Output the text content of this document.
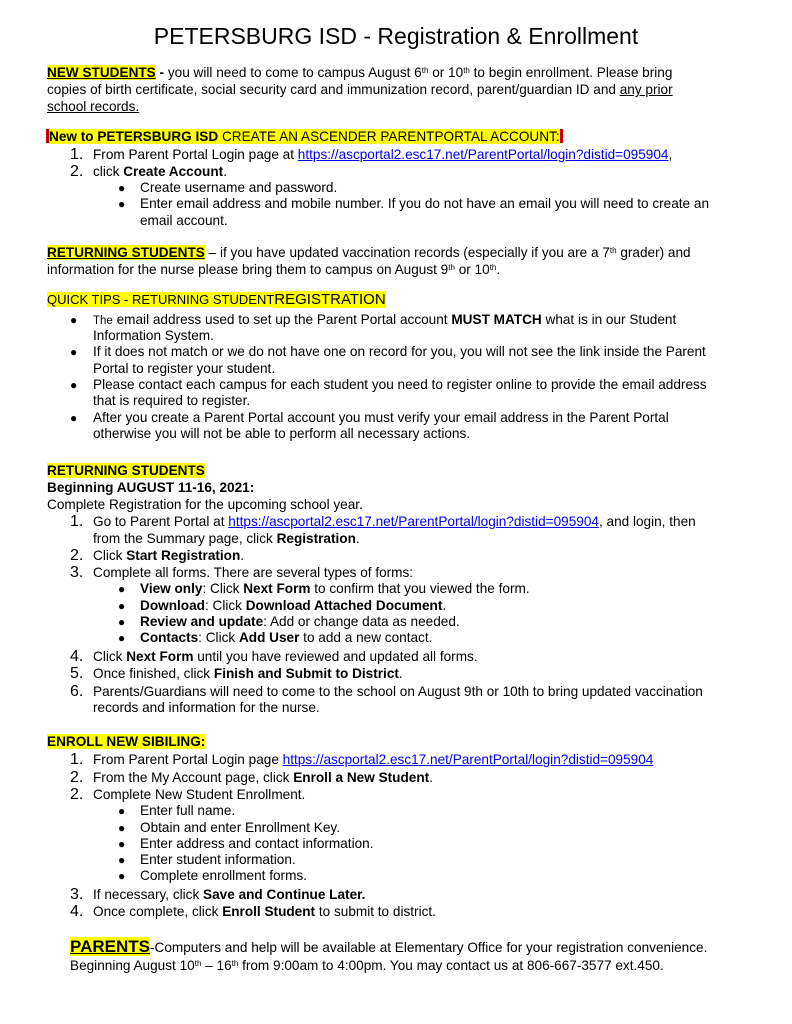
PETERSBURG ISD - Registration & Enrollment
NEW STUDENTS - you will need to come to campus August 6th or 10th to begin enrollment. Please bring
copies of birth certificate, social security card and immunization record, parent/guardian ID and any prior
school records.
New to PETERSBURG ISD CREATE AN ASCENDER PARENTPORTAL ACCOUNT:
1. From Parent Portal Login page at https://ascportal2.esc17.net/ParentPortal/login?distid=095904,
2. click Create Account.
● Create username and password.
● Enter email address and mobile number. If you do not have an email you will need to create an
email account.
RETURNING STUDENTS – if you have updated vaccination records (especially if you are a 7th grader) and
information for the nurse please bring them to campus on August 9th or 10th.
QUICK TIPS - RETURNING STUDENTREGISTRATION
● The email address used to set up the Parent Portal account MUST MATCH what is in our Student
Information System.
● If it does not match or we do not have one on record for you, you will not see the link inside the Parent
Portal to register your student.
● Please contact each campus for each student you need to register online to provide the email address
that is required to register.
● After you create a Parent Portal account you must verify your email address in the Parent Portal
otherwise you will not be able to perform all necessary actions.
RETURNING STUDENTS
Beginning AUGUST 11-16, 2021:
Complete Registration for the upcoming school year.
1. Go to Parent Portal at https://ascportal2.esc17.net/ParentPortal/login?distid=095904, and login, then
from the Summary page, click Registration.
2. Click Start Registration.
3. Complete all forms. There are several types of forms:
● View only: Click Next Form to confirm that you viewed the form.
● Download: Click Download Attached Document.
● Review and update: Add or change data as needed.
● Contacts: Click Add User to add a new contact.
4. Click Next Form until you have reviewed and updated all forms.
5. Once finished, click Finish and Submit to District.
6. Parents/Guardians will need to come to the school on August 9th or 10th to bring updated vaccination
records and information for the nurse.
ENROLL NEW SIBILING:
1. From Parent Portal Login page https://ascportal2.esc17.net/ParentPortal/login?distid=095904
2. From the My Account page, click Enroll a New Student.
2. Complete New Student Enrollment.
● Enter full name.
● Obtain and enter Enrollment Key.
● Enter address and contact information.
● Enter student information.
● Complete enrollment forms.
3. If necessary, click Save and Continue Later.
4. Once complete, click Enroll Student to submit to district.
PARENTS-Computers and help will be available at Elementary Office for your registration convenience.
Beginning August 10th – 16th from 9:00am to 4:00pm. You may contact us at 806-667-3577 ext.450.
